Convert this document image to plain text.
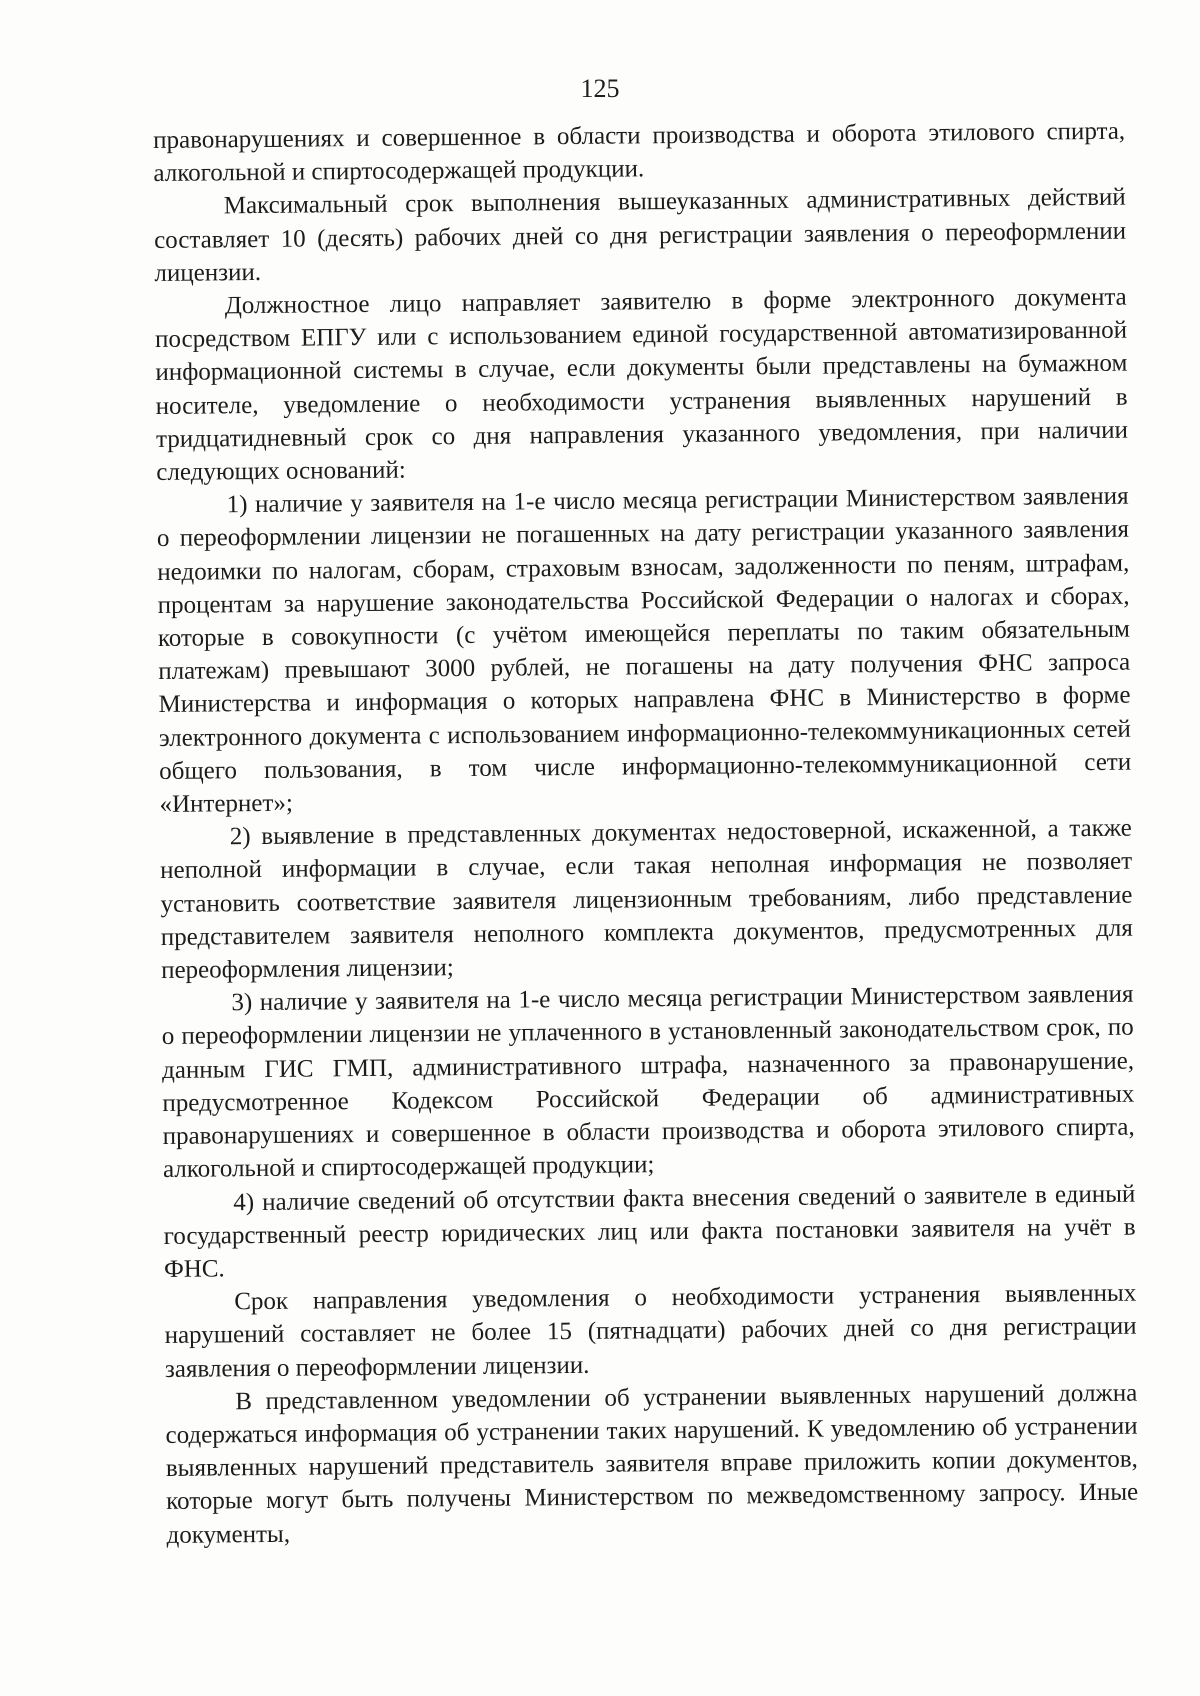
125

правонарушениях и совершенное в области производства и оборота этилового спирта, алкогольной и спиртосодержащей продукции.

Максимальный срок выполнения вышеуказанных административных действий составляет 10 (десять) рабочих дней со дня регистрации заявления о переоформлении лицензии.

Должностное лицо направляет заявителю в форме электронного документа посредством ЕПГУ или с использованием единой государственной автоматизированной информационной системы в случае, если документы были представлены на бумажном носителе, уведомление о необходимости устранения выявленных нарушений в тридцатидневный срок со дня направления указанного уведомления, при наличии следующих оснований:

1) наличие у заявителя на 1-е число месяца регистрации Министерством заявления о переоформлении лицензии не погашенных на дату регистрации указанного заявления недоимки по налогам, сборам, страховым взносам, задолженности по пеням, штрафам, процентам за нарушение законодательства Российской Федерации о налогах и сборах, которые в совокупности (с учётом имеющейся переплаты по таким обязательным платежам) превышают 3000 рублей, не погашены на дату получения ФНС запроса Министерства и информация о которых направлена ФНС в Министерство в форме электронного документа с использованием информационно-телекоммуникационных сетей общего пользования, в том числе информационно-телекоммуникационной сети «Интернет»;

2) выявление в представленных документах недостоверной, искаженной, а также неполной информации в случае, если такая неполная информация не позволяет установить соответствие заявителя лицензионным требованиям, либо представление представителем заявителя неполного комплекта документов, предусмотренных для переоформления лицензии;

3) наличие у заявителя на 1-е число месяца регистрации Министерством заявления о переоформлении лицензии не уплаченного в установленный законодательством срок, по данным ГИС ГМП, административного штрафа, назначенного за правонарушение, предусмотренное Кодексом Российской Федерации об административных правонарушениях и совершенное в области производства и оборота этилового спирта, алкогольной и спиртосодержащей продукции;

4) наличие сведений об отсутствии факта внесения сведений о заявителе в единый государственный реестр юридических лиц или факта постановки заявителя на учёт в ФНС.

Срок направления уведомления о необходимости устранения выявленных нарушений составляет не более 15 (пятнадцати) рабочих дней со дня регистрации заявления о переоформлении лицензии.

В представленном уведомлении об устранении выявленных нарушений должна содержаться информация об устранении таких нарушений. К уведомлению об устранении выявленных нарушений представитель заявителя вправе приложить копии документов, которые могут быть получены Министерством по межведомственному запросу. Иные документы,
